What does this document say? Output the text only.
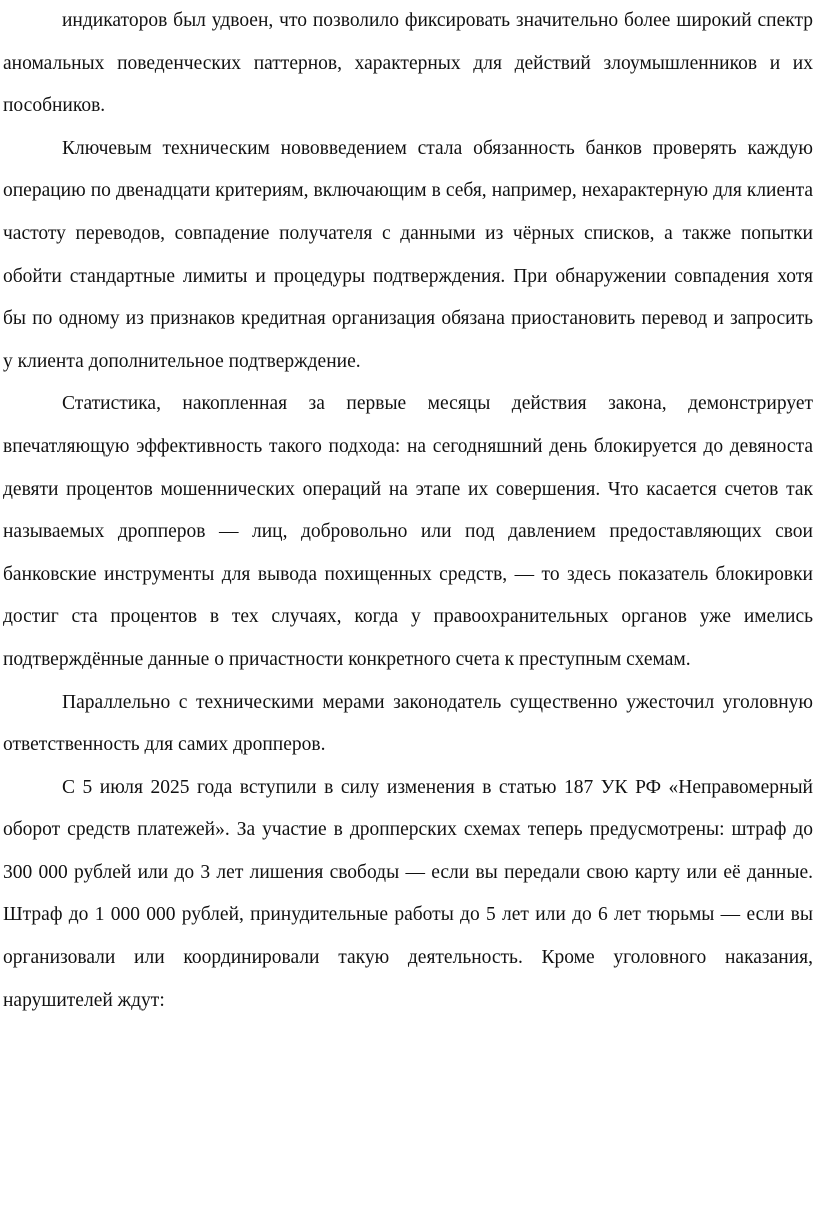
индикаторов был удвоен, что позволило фиксировать значительно более широкий спектр аномальных поведенческих паттернов, характерных для действий злоумышленников и их пособников.

Ключевым техническим нововведением стала обязанность банков проверять каждую операцию по двенадцати критериям, включающим в себя, например, нехарактерную для клиента частоту переводов, совпадение получателя с данными из чёрных списков, а также попытки обойти стандартные лимиты и процедуры подтверждения. При обнаружении совпадения хотя бы по одному из признаков кредитная организация обязана приостановить перевод и запросить у клиента дополнительное подтверждение.

Статистика, накопленная за первые месяцы действия закона, демонстрирует впечатляющую эффективность такого подхода: на сегодняшний день блокируется до девяноста девяти процентов мошеннических операций на этапе их совершения. Что касается счетов так называемых дропперов — лиц, добровольно или под давлением предоставляющих свои банковские инструменты для вывода похищенных средств, — то здесь показатель блокировки достиг ста процентов в тех случаях, когда у правоохранительных органов уже имелись подтверждённые данные о причастности конкретного счета к преступным схемам.

Параллельно с техническими мерами законодатель существенно ужесточил уголовную ответственность для самих дропперов.

С 5 июля 2025 года вступили в силу изменения в статью 187 УК РФ «Неправомерный оборот средств платежей». За участие в дропперских схемах теперь предусмотрены: штраф до 300 000 рублей или до 3 лет лишения свободы — если вы передали свою карту или её данные. Штраф до 1 000 000 рублей, принудительные работы до 5 лет или до 6 лет тюрьмы — если вы организовали или координировали такую деятельность. Кроме уголовного наказания, нарушителей ждут:
